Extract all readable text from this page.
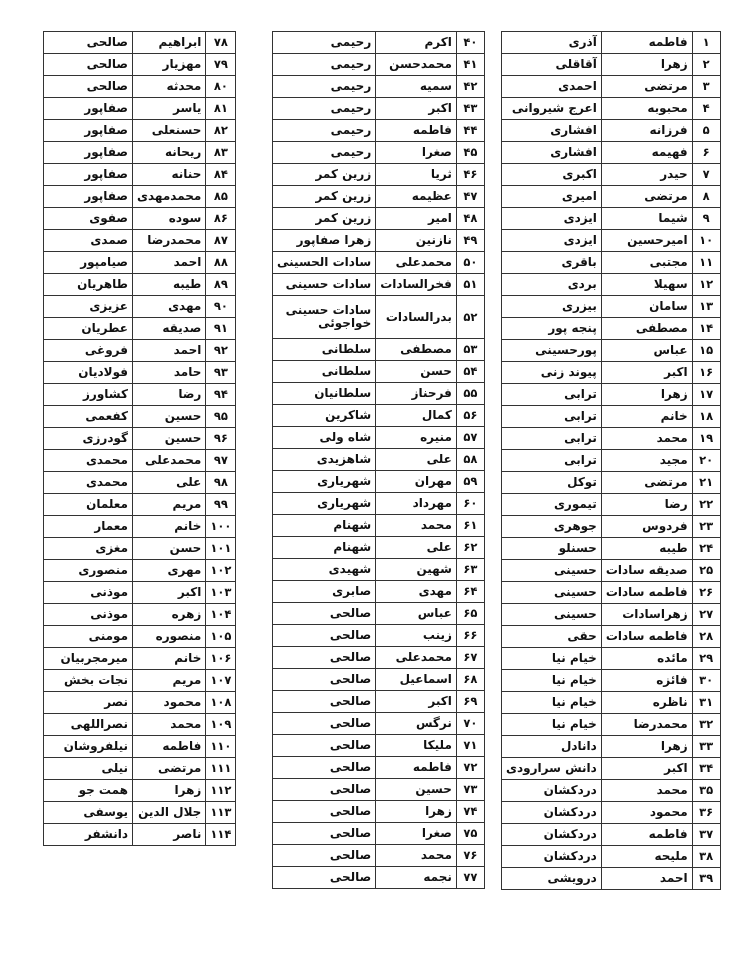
۱	فاطمه	آذری
۲	زهرا	آقاقلی
۳	مرتضی	احمدی
۴	محبوبه	اعرج شیروانی
۵	فرزانه	افشاری
۶	فهیمه	افشاری
۷	حیدر	اکبری
۸	مرتضی	امیری
۹	شیما	ایزدی
۱۰	امیرحسین	ایزدی
۱۱	مجتبی	باقری
۱۲	سهیلا	بردی
۱۳	سامان	بیزری
۱۴	مصطفی	پنجه پور
۱۵	عباس	پورحسینی
۱۶	اکبر	پیوند زنی
۱۷	زهرا	ترابی
۱۸	خانم	ترابی
۱۹	محمد	ترابی
۲۰	مجید	ترابی
۲۱	مرتضی	توکل
۲۲	رضا	تیموری
۲۳	فردوس	جوهری
۲۴	طیبه	حسنلو
۲۵	صدیقه سادات	حسینی
۲۶	فاطمه سادات	حسینی
۲۷	زهراسادات	حسینی
۲۸	فاطمه سادات	حقی
۲۹	مائده	خیام نیا
۳۰	فائزه	خیام نیا
۳۱	ناظره	خیام نیا
۳۲	محمدرضا	خیام نیا
۳۳	زهرا	دانادل
۳۴	اکبر	دانش سرارودی
۳۵	محمد	دردکشان
۳۶	محمود	دردکشان
۳۷	فاطمه	دردکشان
۳۸	ملیحه	دردکشان
۳۹	احمد	درویشی
۴۰	اکرم	رحیمی
۴۱	محمدحسن	رحیمی
۴۲	سمیه	رحیمی
۴۳	اکبر	رحیمی
۴۴	فاطمه	رحیمی
۴۵	صغرا	رحیمی
۴۶	ثریا	زرین کمر
۴۷	عظیمه	زرین کمر
۴۸	امیر	زرین کمر
۴۹	نازنین	زهرا صفاپور
۵۰	محمدعلی	سادات الحسینی
۵۱	فخرالسادات	سادات حسینی
۵۲	بدرالسادات	سادات حسینی خواجوئی
۵۳	مصطفی	سلطانی
۵۴	حسن	سلطانی
۵۵	فرحناز	سلطانیان
۵۶	کمال	شاکرین
۵۷	منیره	شاه ولی
۵۸	علی	شاهزیدی
۵۹	مهران	شهریاری
۶۰	مهرداد	شهریاری
۶۱	محمد	شهنام
۶۲	علی	شهنام
۶۳	شهین	شهیدی
۶۴	مهدی	صابری
۶۵	عباس	صالحی
۶۶	زینب	صالحی
۶۷	محمدعلی	صالحی
۶۸	اسماعیل	صالحی
۶۹	اکبر	صالحی
۷۰	نرگس	صالحی
۷۱	ملیکا	صالحی
۷۲	فاطمه	صالحی
۷۳	حسین	صالحی
۷۴	زهرا	صالحی
۷۵	صغرا	صالحی
۷۶	محمد	صالحی
۷۷	نجمه	صالحی
۷۸	ابراهیم	صالحی
۷۹	مهزیار	صالحی
۸۰	محدثه	صالحی
۸۱	یاسر	صفاپور
۸۲	حسنعلی	صفاپور
۸۳	ریحانه	صفاپور
۸۴	حنانه	صفاپور
۸۵	محمدمهدی	صفاپور
۸۶	سوده	صفوی
۸۷	محمدرضا	صمدی
۸۸	احمد	صیامپور
۸۹	طیبه	طاهریان
۹۰	مهدی	عزیزی
۹۱	صدیقه	عطریان
۹۲	احمد	فروغی
۹۳	حامد	فولادیان
۹۴	رضا	کشاورز
۹۵	حسین	کفعمی
۹۶	حسین	گودرزی
۹۷	محمدعلی	محمدی
۹۸	علی	محمدی
۹۹	مریم	معلمان
۱۰۰	خانم	معمار
۱۰۱	حسن	مغزی
۱۰۲	مهری	منصوری
۱۰۳	اکبر	موذنی
۱۰۴	زهره	موذنی
۱۰۵	منصوره	مومنی
۱۰۶	خانم	میرمجربیان
۱۰۷	مریم	نجات بخش
۱۰۸	محمود	نصر
۱۰۹	محمد	نصراللهی
۱۱۰	فاطمه	نیلفروشان
۱۱۱	مرتضی	نیلی
۱۱۲	زهرا	همت جو
۱۱۳	جلال الدین	یوسفی
۱۱۴	ناصر	دانشفر
